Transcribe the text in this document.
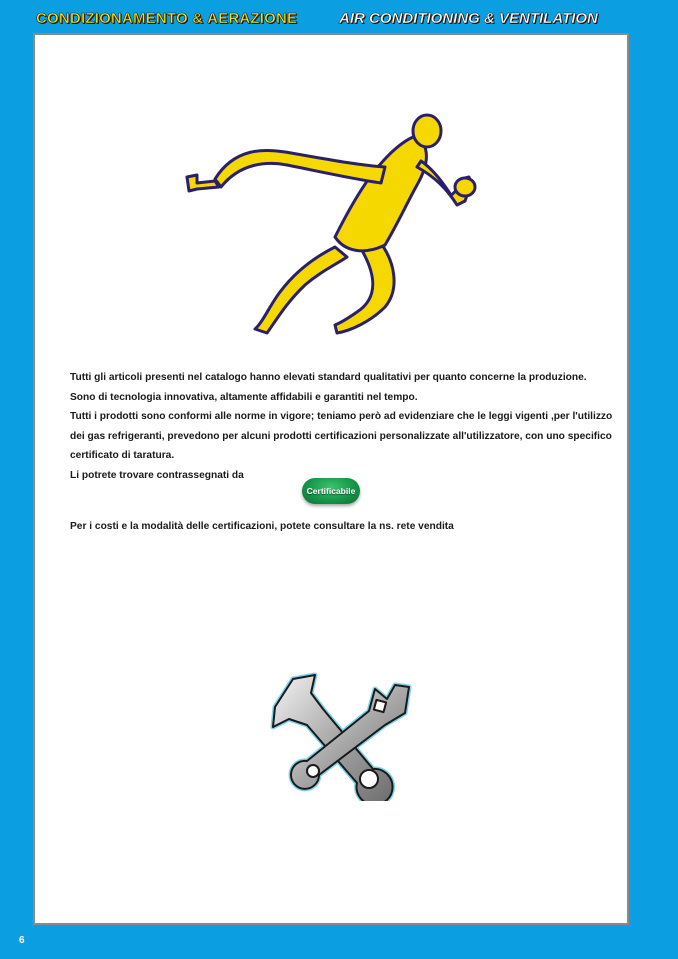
CONDIZIONAMENTO & AERAZIONE	AIR CONDITIONING & VENTILATION

Tutti gli articoli presenti nel catalogo hanno elevati standard qualitativi per quanto concerne la produzione.

Sono di tecnologia innovativa, altamente affidabili e garantiti nel tempo.

Tutti i prodotti sono conformi alle norme in vigore; teniamo però ad evidenziare che le leggi vigenti ,per l'utilizzo

dei gas refrigeranti, prevedono per alcuni prodotti certificazioni personalizzate all'utilizzatore, con uno specifico

certificato di taratura.

Li potrete trovare contrassegnati da

Certificabile
Per i costi e la modalità delle certificazioni, potete consultare la ns. rete vendita
6
